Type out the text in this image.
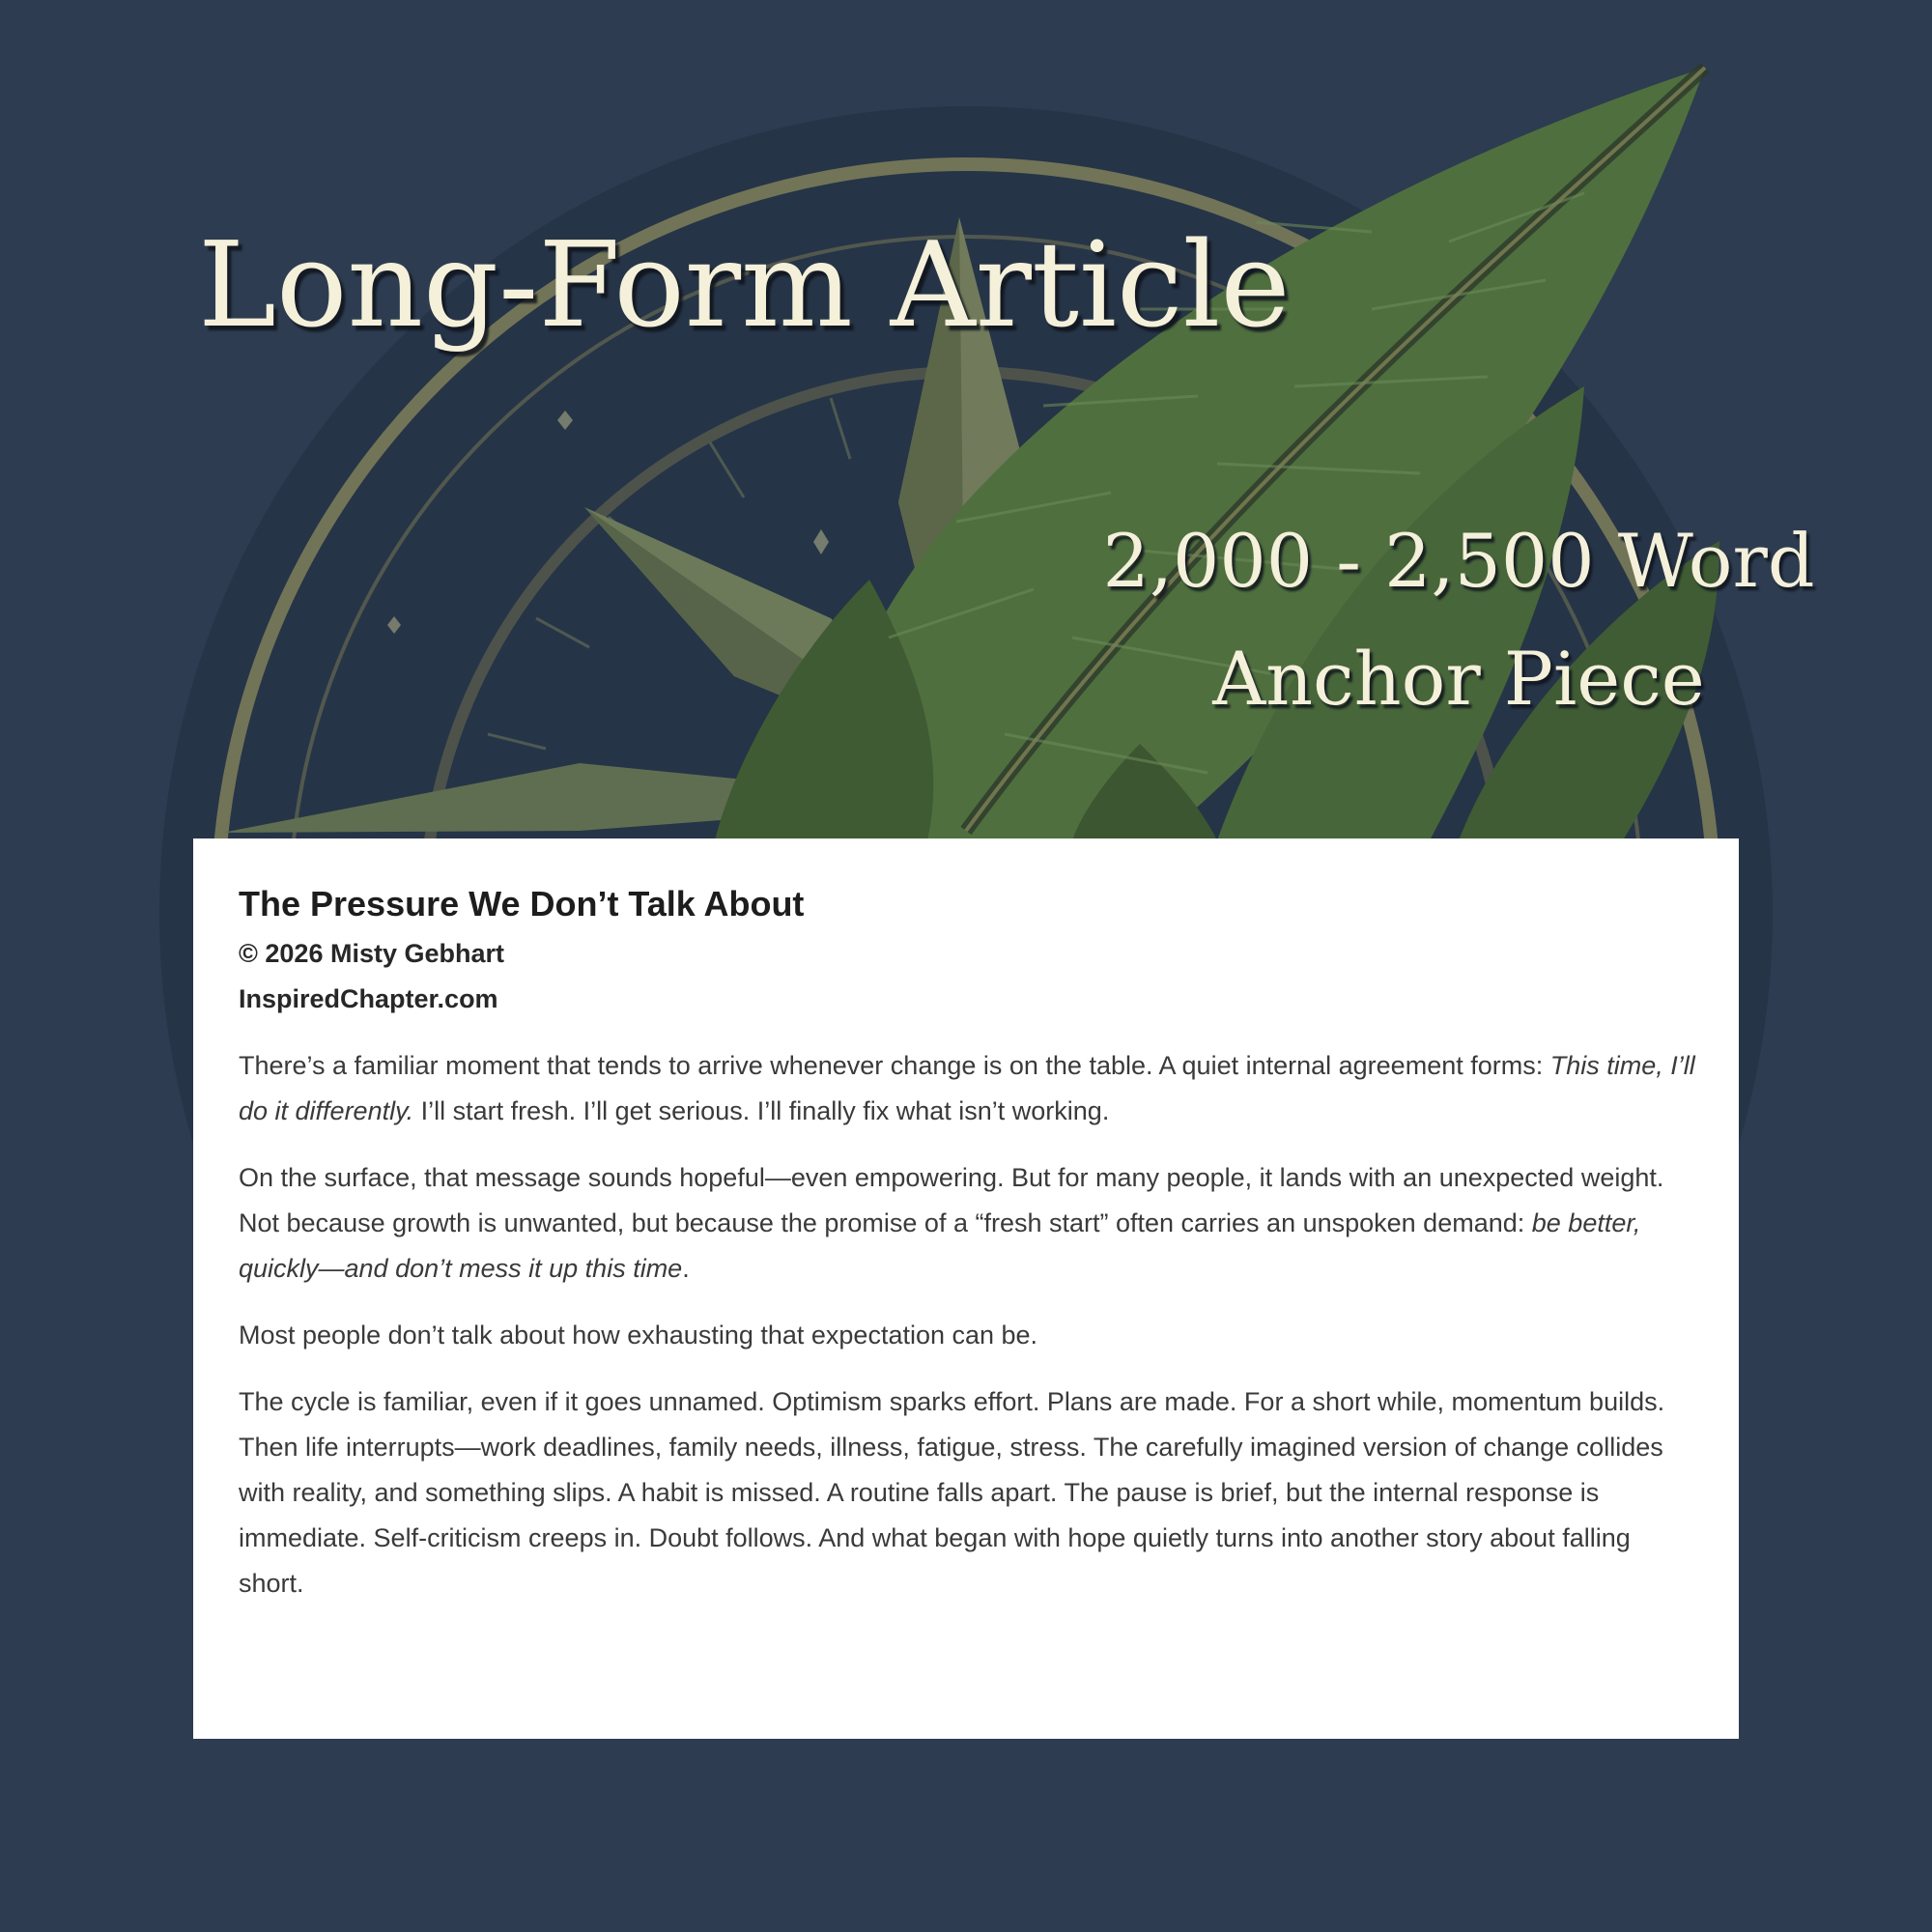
Long-Form Article
2,000 - 2,500 Word
Anchor Piece
The Pressure We Don’t Talk About
© 2026 Misty Gebhart
InspiredChapter.com

There’s a familiar moment that tends to arrive whenever change is on the table. A quiet internal agreement forms: This time, I’ll do it differently. I’ll start fresh. I’ll get serious. I’ll finally fix what isn’t working.

On the surface, that message sounds hopeful—even empowering. But for many people, it lands with an unexpected weight. Not because growth is unwanted, but because the promise of a “fresh start” often carries an unspoken demand: be better, quickly—and don’t mess it up this time.

Most people don’t talk about how exhausting that expectation can be.

The cycle is familiar, even if it goes unnamed. Optimism sparks effort. Plans are made. For a short while, momentum builds. Then life interrupts—work deadlines, family needs, illness, fatigue, stress. The carefully imagined version of change collides with reality, and something slips. A habit is missed. A routine falls apart. The pause is brief, but the internal response is immediate. Self-criticism creeps in. Doubt follows. And what began with hope quietly turns into another story about falling short.
